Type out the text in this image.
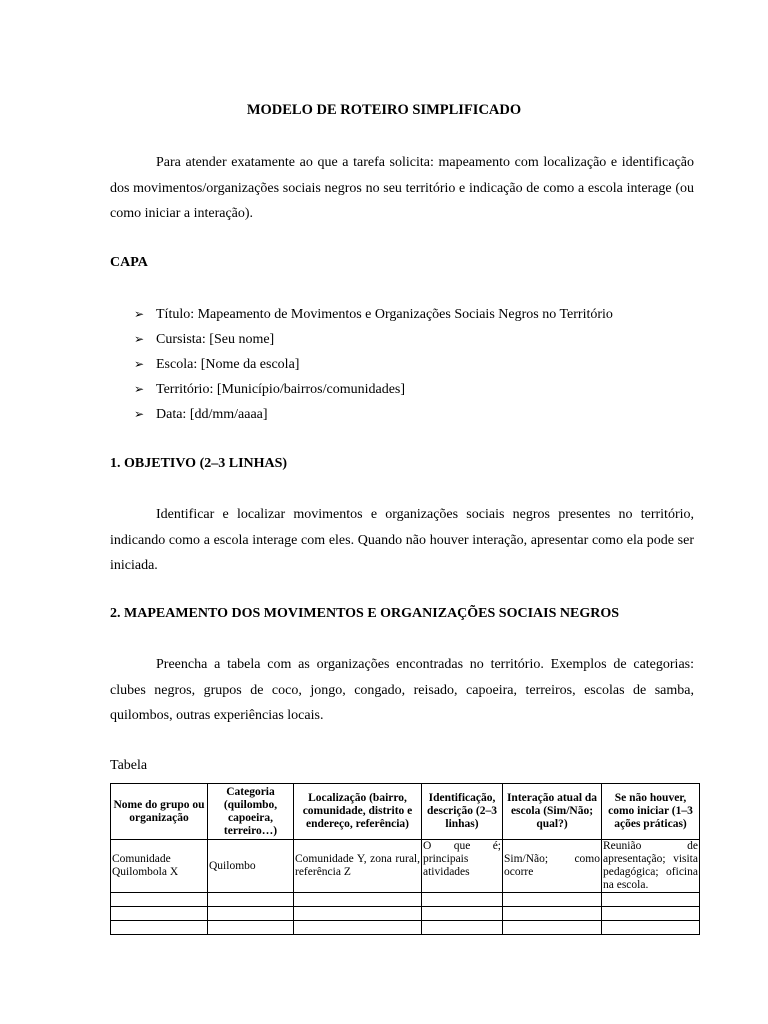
MODELO DE ROTEIRO SIMPLIFICADO

Para atender exatamente ao que a tarefa solicita: mapeamento com localização e identificação dos movimentos/organizações sociais negros no seu território e indicação de como a escola interage (ou como iniciar a interação).

CAPA
➢ Título: Mapeamento de Movimentos e Organizações Sociais Negros no Território
➢ Cursista: [Seu nome]
➢ Escola: [Nome da escola]
➢ Território: [Município/bairros/comunidades]
➢ Data: [dd/mm/aaaa]
1. OBJETIVO (2–3 LINHAS)

Identificar e localizar movimentos e organizações sociais negros presentes no território, indicando como a escola interage com eles. Quando não houver interação, apresentar como ela pode ser iniciada.

2. MAPEAMENTO DOS MOVIMENTOS E ORGANIZAÇÕES SOCIAIS NEGROS

Preencha a tabela com as organizações encontradas no território. Exemplos de categorias: clubes negros, grupos de coco, jongo, congado, reisado, capoeira, terreiros, escolas de samba, quilombos, outras experiências locais.

Tabela
Nome do grupo ou organização	Categoria (quilombo, capoeira, terreiro…)	Localização (bairro, comunidade, distrito e endereço, referência)	Identificação, descrição (2–3 linhas)	Interação atual da escola (Sim/Não; qual?)	Se não houver, como iniciar (1–3 ações práticas)
Comunidade Quilombola X	Quilombo	Comunidade Y, zona rural, referência Z	O que é; principais atividades	Sim/Não; como ocorre	Reunião de apresentação; visita pedagógica; oficina na escola.
